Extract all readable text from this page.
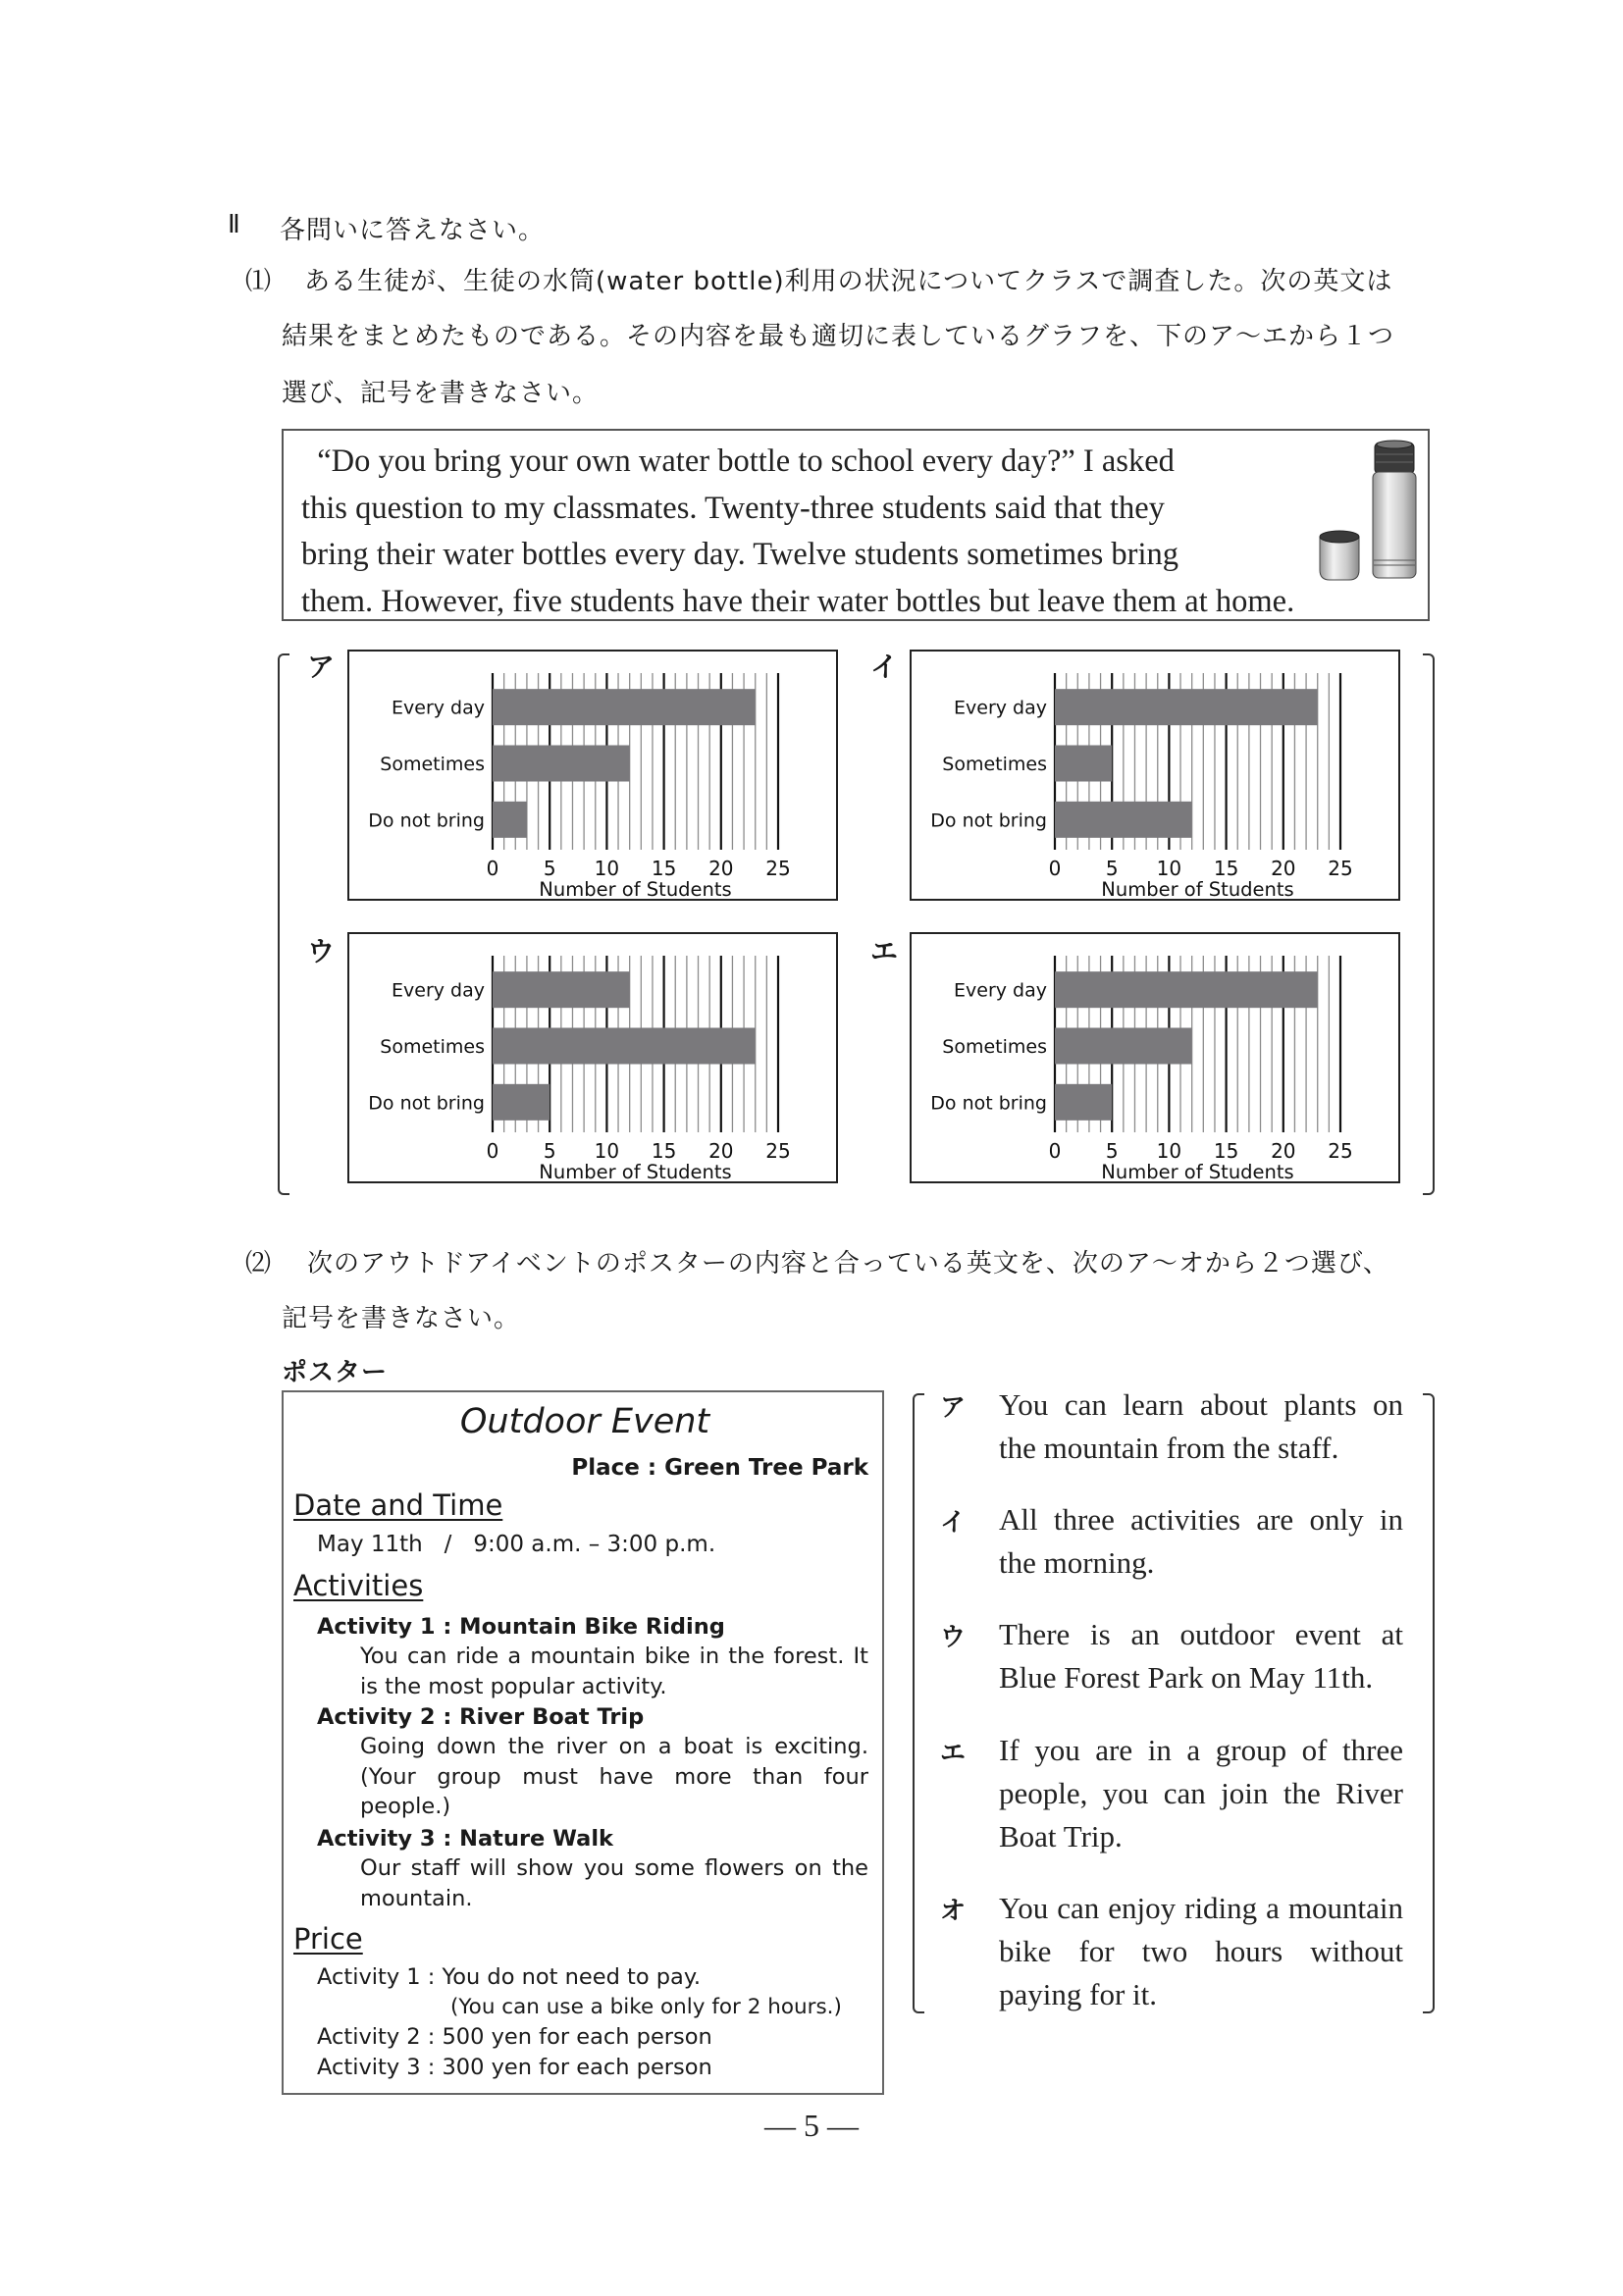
Ⅱ 各問いに答えなさい。
⑴ ある生徒が、生徒の水筒(water bottle)利用の状況についてクラスで調査した。次の英文は
結果をまとめたものである。その内容を最も適切に表しているグラフを、下のア～エから１つ
選び、記号を書きなさい。
“Do you bring your own water bottle to school every day?” I asked
this question to my classmates. Twenty-three students said that they
bring their water bottles every day. Twelve students sometimes bring
them. However, five students have their water bottles but leave them at home.
ア
Every day
Sometimes
Do not bring
0 5 10 15 20 25
Number of Students
イ
Every day
Sometimes
Do not bring
0 5 10 15 20 25
Number of Students
ウ
Every day
Sometimes
Do not bring
0 5 10 15 20 25
Number of Students
エ
Every day
Sometimes
Do not bring
0 5 10 15 20 25
Number of Students
⑵ 次のアウトドアイベントのポスターの内容と合っている英文を、次のア～オから２つ選び、
記号を書きなさい。
ポスター
Outdoor Event
Place : Green Tree Park
Date and Time
May 11th   /   9:00 a.m. – 3:00 p.m.
Activities
Activity 1 : Mountain Bike Riding
You can ride a mountain bike in the forest. It is the most popular activity.
Activity 2 : River Boat Trip
Going down the river on a boat is exciting. (Your group must have more than four people.)
Activity 3 : Nature Walk
Our staff will show you some flowers on the mountain.
Price
Activity 1 : You do not need to pay.
(You can use a bike only for 2 hours.)
Activity 2 : 500 yen for each person
Activity 3 : 300 yen for each person
ア You can learn about plants on the mountain from the staff.
イ All three activities are only in the morning.
ウ There is an outdoor event at Blue Forest Park on May 11th.
エ If you are in a group of three people, you can join the River Boat Trip.
オ You can enjoy riding a mountain bike for two hours without paying for it.
— 5 —
